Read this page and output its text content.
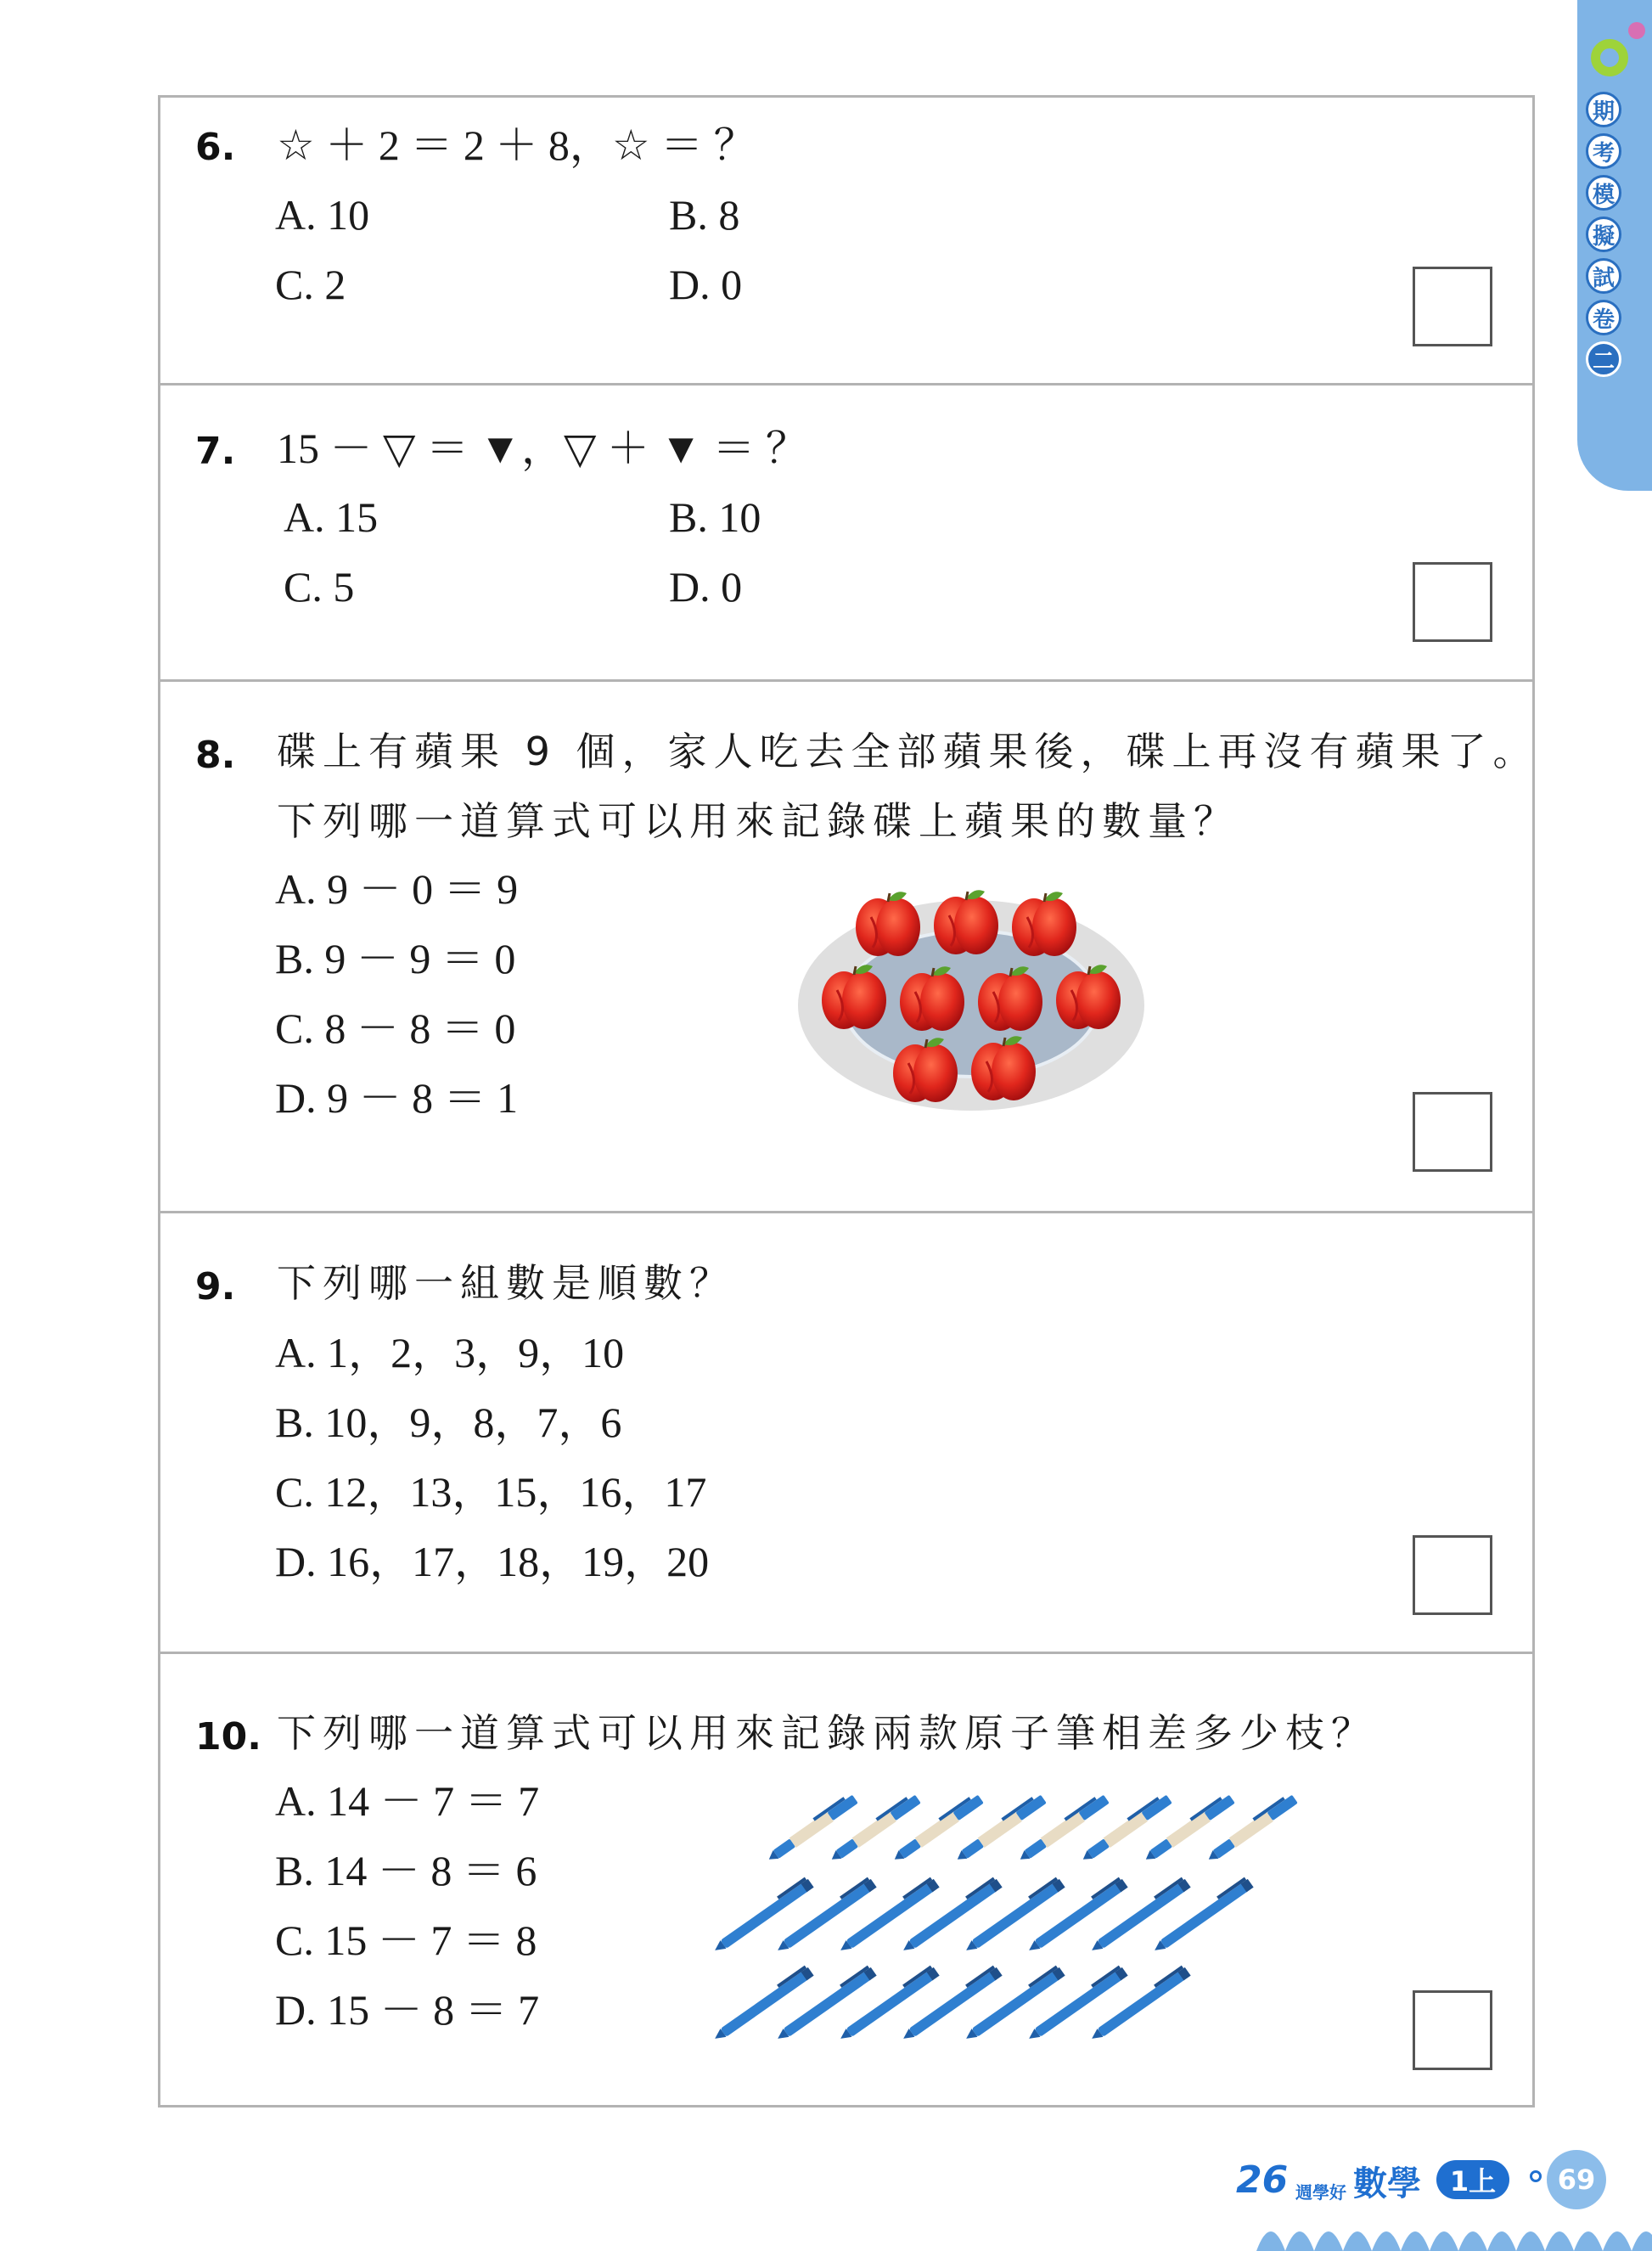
期
考
模
擬
試
卷
二
6. ☆ ＋ 2 ＝ 2 ＋ 8，☆ ＝ ？
A. 10	B. 8
C. 2	D. 0
7. 15 － ▽ ＝ ▼，▽ ＋ ▼ ＝ ？
A. 15	B. 10
C. 5	D. 0
8. 碟上有蘋果 9 個，家人吃去全部蘋果後，碟上再沒有蘋果了。
下列哪一道算式可以用來記錄碟上蘋果的數量？
A. 9 － 0 ＝ 9
B. 9 － 9 ＝ 0
C. 8 － 8 ＝ 0
D. 9 － 8 ＝ 1
9. 下列哪一組數是順數？
A. 1，2，3，9，10
B. 10，9，8，7，6
C. 12，13，15，16，17
D. 16，17，18，19，20
10. 下列哪一道算式可以用來記錄兩款原子筆相差多少枝？
A. 14 － 7 ＝ 7
B. 14 － 8 ＝ 6
C. 15 － 7 ＝ 8
D. 15 － 8 ＝ 7
26 週學好 數學	1上	69
